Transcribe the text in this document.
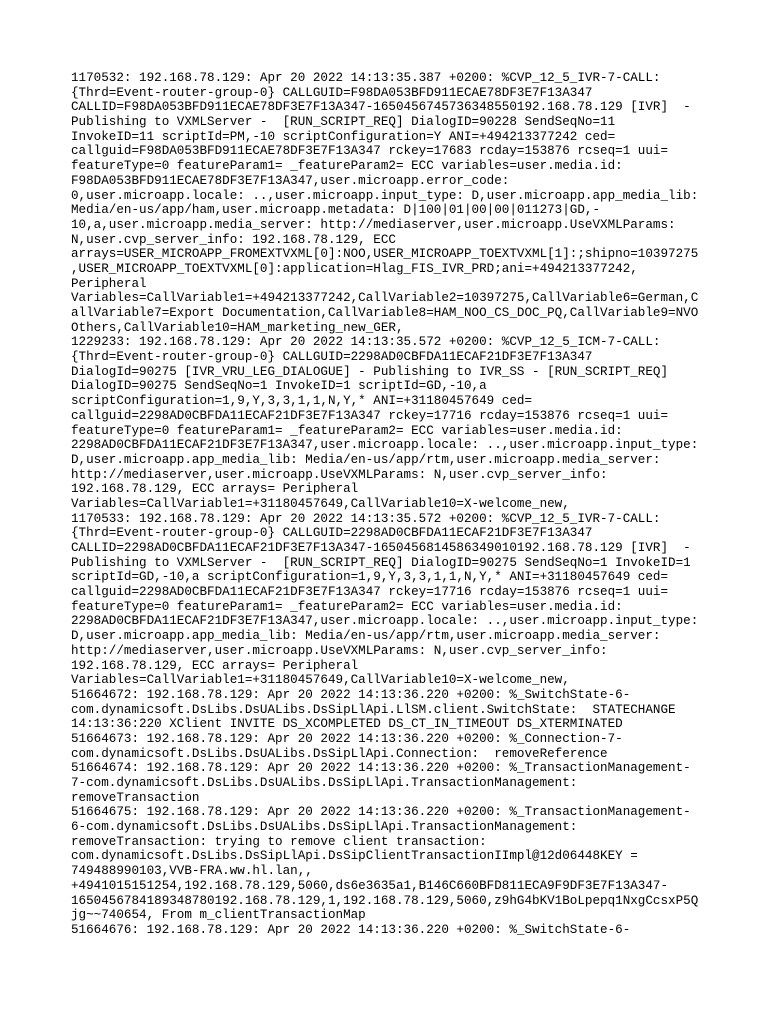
1170532: 192.168.78.129: Apr 20 2022 14:13:35.387 +0200: %CVP_12_5_IVR-7-CALL:
{Thrd=Event-router-group-0} CALLGUID=F98DA053BFD911ECAE78DF3E7F13A347
CALLID=F98DA053BFD911ECAE78DF3E7F13A347-1650456745736348550192.168.78.129 [IVR]  -
Publishing to VXMLServer -  [RUN_SCRIPT_REQ] DialogID=90228 SendSeqNo=11
InvokeID=11 scriptId=PM,-10 scriptConfiguration=Y ANI=+494213377242 ced=
callguid=F98DA053BFD911ECAE78DF3E7F13A347 rckey=17683 rcday=153876 rcseq=1 uui=
featureType=0 featureParam1= _featureParam2= ECC variables=user.media.id:
F98DA053BFD911ECAE78DF3E7F13A347,user.microapp.error_code:
0,user.microapp.locale: ..,user.microapp.input_type: D,user.microapp.app_media_lib:
Media/en-us/app/ham,user.microapp.metadata: D|100|01|00|00|011273|GD,-
10,a,user.microapp.media_server: http://mediaserver,user.microapp.UseVXMLParams:
N,user.cvp_server_info: 192.168.78.129, ECC
arrays=USER_MICROAPP_FROMEXTVXML[0]:NOO,USER_MICROAPP_TOEXTVXML[1]:;shipno=10397275
,USER_MICROAPP_TOEXTVXML[0]:application=Hlag_FIS_IVR_PRD;ani=+494213377242,
Peripheral
Variables=CallVariable1=+494213377242,CallVariable2=10397275,CallVariable6=German,C
allVariable7=Export Documentation,CallVariable8=HAM_NOO_CS_DOC_PQ,CallVariable9=NVO
Others,CallVariable10=HAM_marketing_new_GER,
1229233: 192.168.78.129: Apr 20 2022 14:13:35.572 +0200: %CVP_12_5_ICM-7-CALL:
{Thrd=Event-router-group-0} CALLGUID=2298AD0CBFDA11ECAF21DF3E7F13A347
DialogId=90275 [IVR_VRU_LEG_DIALOGUE] - Publishing to IVR_SS - [RUN_SCRIPT_REQ]
DialogID=90275 SendSeqNo=1 InvokeID=1 scriptId=GD,-10,a
scriptConfiguration=1,9,Y,3,3,1,1,N,Y,* ANI=+31180457649 ced=
callguid=2298AD0CBFDA11ECAF21DF3E7F13A347 rckey=17716 rcday=153876 rcseq=1 uui=
featureType=0 featureParam1= _featureParam2= ECC variables=user.media.id:
2298AD0CBFDA11ECAF21DF3E7F13A347,user.microapp.locale: ..,user.microapp.input_type:
D,user.microapp.app_media_lib: Media/en-us/app/rtm,user.microapp.media_server:
http://mediaserver,user.microapp.UseVXMLParams: N,user.cvp_server_info:
192.168.78.129, ECC arrays= Peripheral
Variables=CallVariable1=+31180457649,CallVariable10=X-welcome_new,
1170533: 192.168.78.129: Apr 20 2022 14:13:35.572 +0200: %CVP_12_5_IVR-7-CALL:
{Thrd=Event-router-group-0} CALLGUID=2298AD0CBFDA11ECAF21DF3E7F13A347
CALLID=2298AD0CBFDA11ECAF21DF3E7F13A347-1650456814586349010192.168.78.129 [IVR]  -
Publishing to VXMLServer -  [RUN_SCRIPT_REQ] DialogID=90275 SendSeqNo=1 InvokeID=1
scriptId=GD,-10,a scriptConfiguration=1,9,Y,3,3,1,1,N,Y,* ANI=+31180457649 ced=
callguid=2298AD0CBFDA11ECAF21DF3E7F13A347 rckey=17716 rcday=153876 rcseq=1 uui=
featureType=0 featureParam1= _featureParam2= ECC variables=user.media.id:
2298AD0CBFDA11ECAF21DF3E7F13A347,user.microapp.locale: ..,user.microapp.input_type:
D,user.microapp.app_media_lib: Media/en-us/app/rtm,user.microapp.media_server:
http://mediaserver,user.microapp.UseVXMLParams: N,user.cvp_server_info:
192.168.78.129, ECC arrays= Peripheral
Variables=CallVariable1=+31180457649,CallVariable10=X-welcome_new,
51664672: 192.168.78.129: Apr 20 2022 14:13:36.220 +0200: %_SwitchState-6-
com.dynamicsoft.DsLibs.DsUALibs.DsSipLlApi.LlSM.client.SwitchState:  STATECHANGE
14:13:36:220 XClient INVITE DS_XCOMPLETED DS_CT_IN_TIMEOUT DS_XTERMINATED
51664673: 192.168.78.129: Apr 20 2022 14:13:36.220 +0200: %_Connection-7-
com.dynamicsoft.DsLibs.DsUALibs.DsSipLlApi.Connection:  removeReference
51664674: 192.168.78.129: Apr 20 2022 14:13:36.220 +0200: %_TransactionManagement-
7-com.dynamicsoft.DsLibs.DsUALibs.DsSipLlApi.TransactionManagement:
removeTransaction
51664675: 192.168.78.129: Apr 20 2022 14:13:36.220 +0200: %_TransactionManagement-
6-com.dynamicsoft.DsLibs.DsUALibs.DsSipLlApi.TransactionManagement:
removeTransaction: trying to remove client transaction:
com.dynamicsoft.DsLibs.DsSipLlApi.DsSipClientTransactionIImpl@12d06448KEY =
749488990103,VVB-FRA.ww.hl.lan,,
+4941015151254,192.168.78.129,5060,ds6e3635a1,B146C660BFD811ECA9F9DF3E7F13A347-
1650456784189348780192.168.78.129,1,192.168.78.129,5060,z9hG4bKV1BoLpepq1NxgCcsxP5Q
jg~~740654, From m_clientTransactionMap
51664676: 192.168.78.129: Apr 20 2022 14:13:36.220 +0200: %_SwitchState-6-
